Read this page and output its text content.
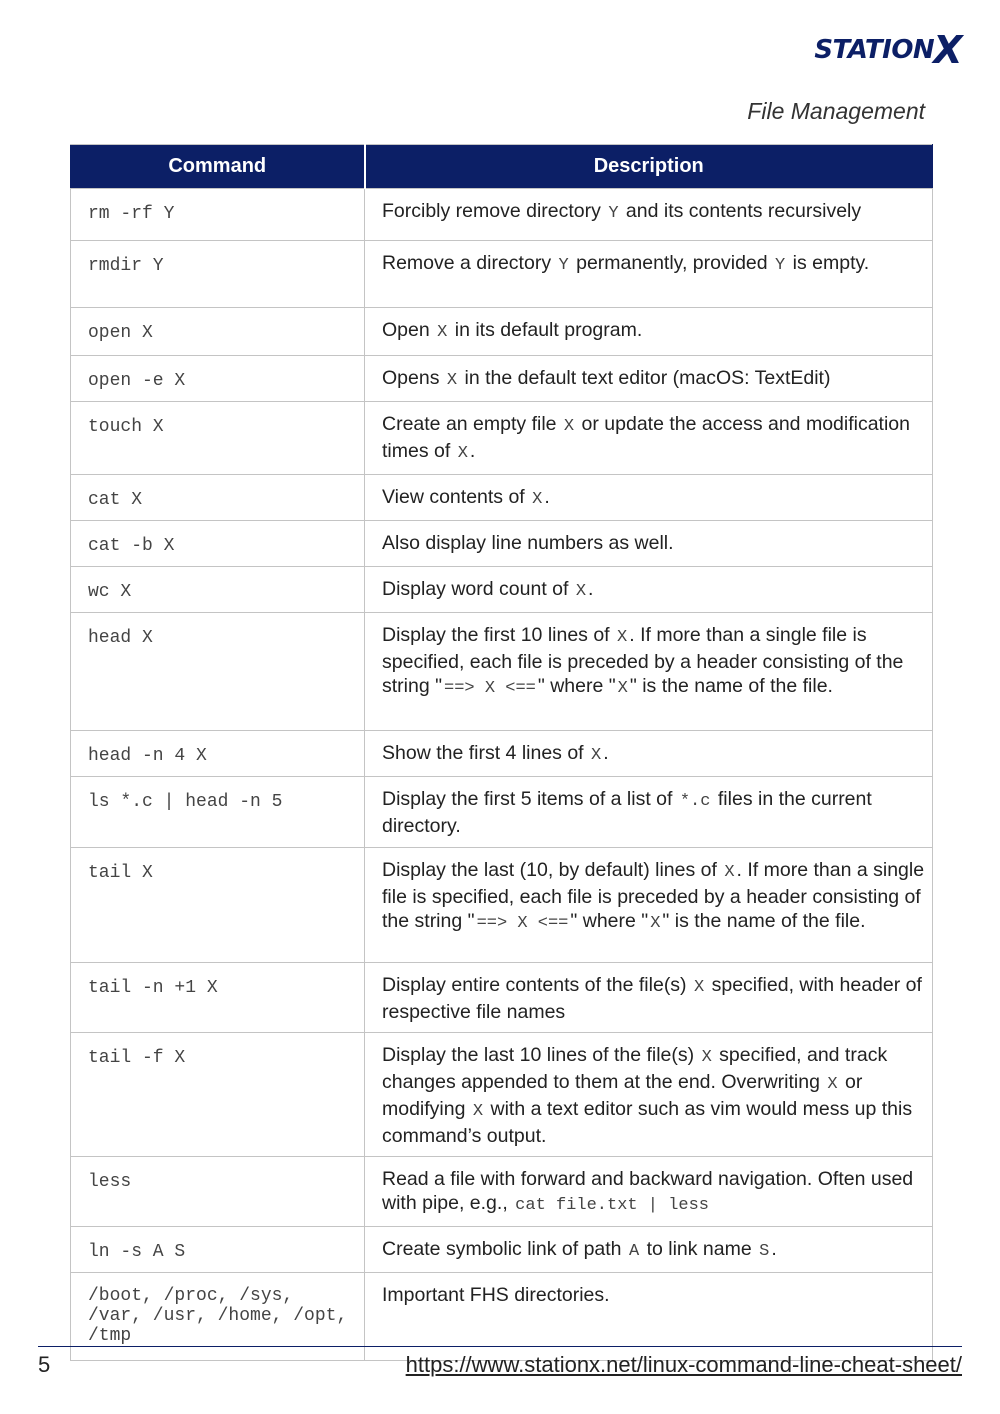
STATION X
File Management
Command	Description
rm -rf Y	Forcibly remove directory Y and its contents recursively
rmdir Y	Remove a directory Y permanently, provided Y is empty.
open X	Open X in its default program.
open -e X	Opens X in the default text editor (macOS: TextEdit)
touch X	Create an empty file X or update the access and modification times of X .
cat X	View contents of X .
cat -b X	Also display line numbers as well.
wc X	Display word count of X .
head X	Display the first 10 lines of X . If more than a single file is specified, each file is preceded by a header consisting of the string " ==> X <== " where " X " is the name of the file.
head -n 4 X	Show the first 4 lines of X .
ls *.c | head -n 5	Display the first 5 items of a list of *.c files in the current directory.
tail X	Display the last (10, by default) lines of X . If more than a single file is specified, each file is preceded by a header consisting of the string " ==> X <== " where " X " is the name of the file.
tail -n +1 X	Display entire contents of the file(s) X specified, with header of respective file names
tail -f X	Display the last 10 lines of the file(s) X specified, and track changes appended to them at the end. Overwriting X or modifying X with a text editor such as vim would mess up this command’s output.
less	Read a file with forward and backward navigation. Often used with pipe, e.g., cat file.txt | less
ln -s A S	Create symbolic link of path A to link name S .
/boot, /proc, /sys, /var, /usr, /home, /opt, /tmp	Important FHS directories.
5	https://www.stationx.net/linux-command-line-cheat-sheet/
